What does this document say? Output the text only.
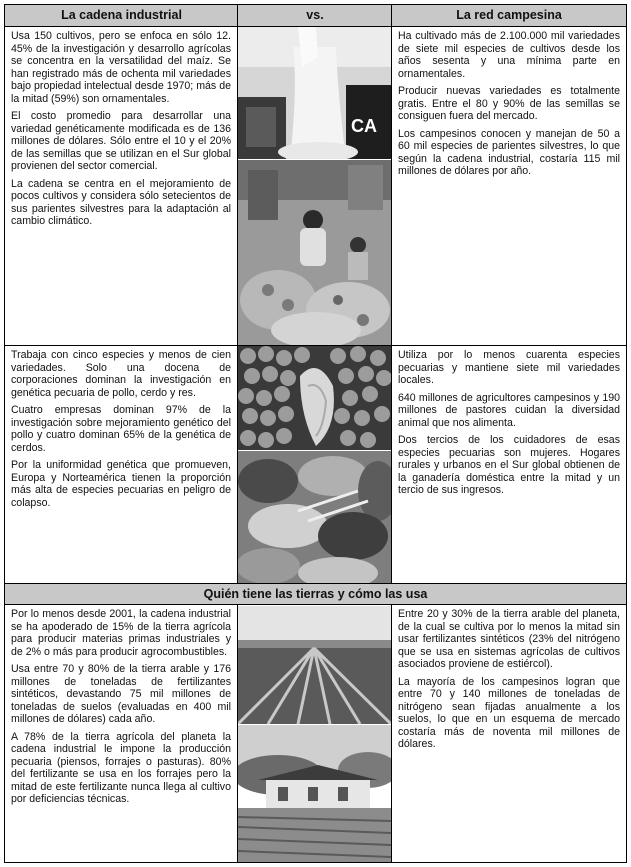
La cadena industrial	vs.	La red campesina

Usa 150 cultivos, pero se enfoca en sólo 12. 45% de la investigación y desarrollo agrícolas se concentra en la versatilidad del maíz. Se han registrado más de ochenta mil variedades bajo propiedad intelectual desde 1970; más de la mitad (59%) son ornamentales.

El costo promedio para desarrollar una variedad genéticamente modificada es de 136 millones de dólares. Sólo entre el 10 y el 20% de las semillas que se utilizan en el Sur global provienen del sector comercial.

La cadena se centra en el mejoramiento de pocos cultivos y considera sólo setecientos de sus parientes silvestres para la adaptación al cambio climático.

CA

Ha cultivado más de 2.100.000 mil variedades de siete mil especies de cultivos desde los años sesenta y una mínima parte en ornamentales.

Producir nuevas variedades es totalmente gratis. Entre el 80 y 90% de las semillas se consiguen fuera del mercado.

Los campesinos conocen y manejan de 50 a 60 mil especies de parientes silvestres, lo que según la cadena industrial, costaría 115 mil millones de dólares por año.

Trabaja con cinco especies y menos de cien variedades. Solo una docena de corporaciones dominan la investigación en genética pecuaria de pollo, cerdo y res.

Cuatro empresas dominan 97% de la investigación sobre mejoramiento genético del pollo y cuatro dominan 65% de la genética de cerdos.

Por la uniformidad genética que promueven, Europa y Norteamérica tienen la proporción más alta de especies pecuarias en peligro de colapso.

Utiliza por lo menos cuarenta especies pecuarias y mantiene siete mil variedades locales.

640 millones de agricultores campesinos y 190 millones de pastores cuidan la diversidad animal que nos alimenta.

Dos tercios de los cuidadores de esas especies pecuarias son mujeres. Hogares rurales y urbanos en el Sur global obtienen de la ganadería doméstica entre la mitad y un tercio de sus ingresos.

Quién tiene las tierras y cómo las usa

Por lo menos desde 2001, la cadena industrial se ha apoderado de 15% de la tierra agrícola para producir materias primas industriales y de 2% o más para producir agrocombustibles.

Usa entre 70 y 80% de la tierra arable y 176 millones de toneladas de fertilizantes sintéticos, devastando 75 mil millones de toneladas de suelos (evaluadas en 400 mil millones de dólares) cada año.

A 78% de la tierra agrícola del planeta la cadena industrial le impone la producción pecuaria (piensos, forrajes o pasturas). 80% del fertilizante se usa en los forrajes pero la mitad de este fertilizante nunca llega al cultivo por deficiencias técnicas.

Entre 20 y 30% de la tierra arable del planeta, de la cual se cultiva por lo menos la mitad sin usar fertilizantes sintéticos (23% del nitrógeno que se usa en sistemas agrícolas de cultivos asociados proviene de estiércol).

La mayoría de los campesinos logran que entre 70 y 140 millones de toneladas de nitrógeno sean fijadas anualmente a los suelos, lo que en un esquema de mercado costaría más de noventa mil millones de dólares.
